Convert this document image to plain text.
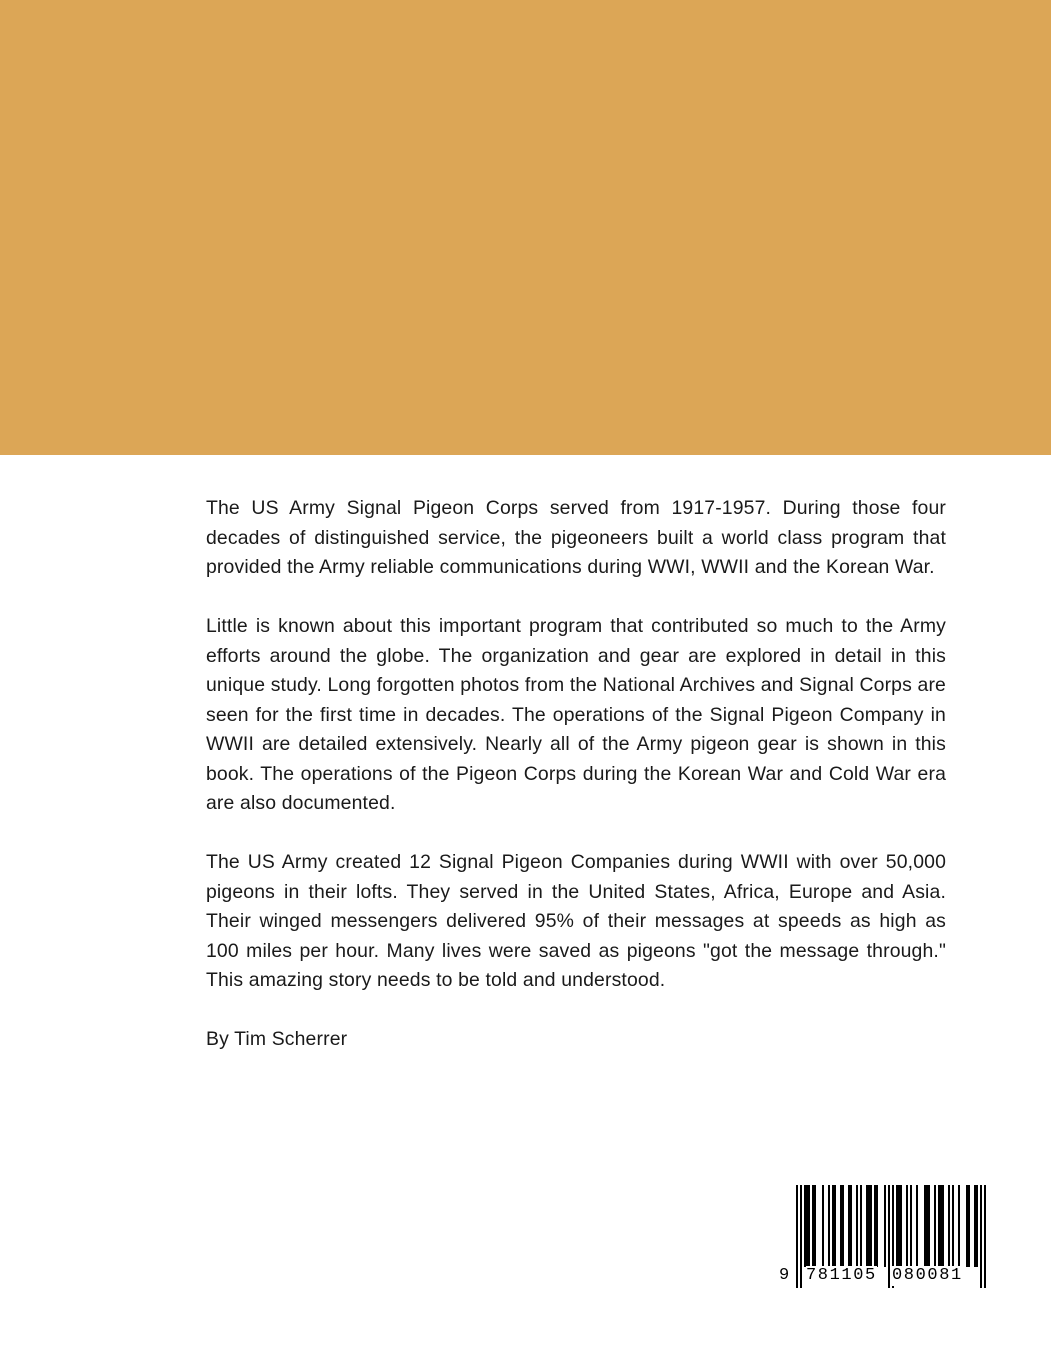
The US Army Signal Pigeon Corps served from 1917-1957. During those four decades of distinguished service, the pigeoneers built a world class program that provided the Army reliable communications during WWI, WWII and the Korean War.

Little is known about this important program that contributed so much to the Army efforts around the globe. The organization and gear are explored in detail in this unique study. Long forgotten photos from the National Archives and Signal Corps are seen for the first time in decades. The operations of the Signal Pigeon Company in WWII are detailed extensively. Nearly all of the Army pigeon gear is shown in this book. The operations of the Pigeon Corps during the Korean War and Cold War era are also documented.

The US Army created 12 Signal Pigeon Companies during WWII with over 50,000 pigeons in their lofts. They served in the United States, Africa, Europe and Asia. Their winged messengers delivered 95% of their messages at speeds as high as 100 miles per hour. Many lives were saved as pigeons "got the message through." This amazing story needs to be told and understood.

By Tim Scherrer

9 781105 080081
